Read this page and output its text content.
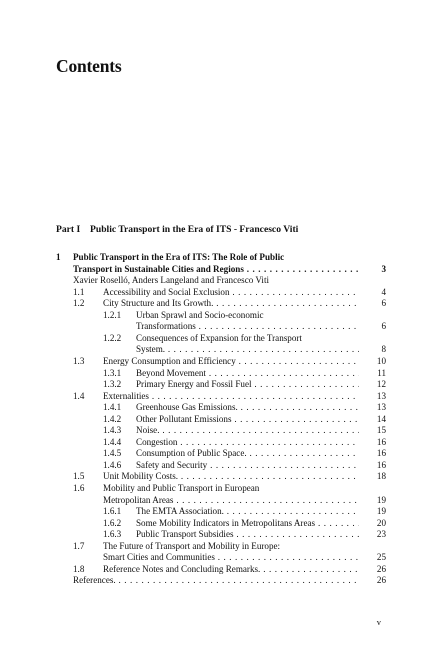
Contents
Part I	Public Transport in the Era of ITS - Francesco Viti
1 Public Transport in the Era of ITS: The Role of Public
Transport in Sustainable Cities and Regions . . .	3
Xavier Roselló, Anders Langeland and Francesco Viti
1.1 Accessibility and Social Exclusion . . .	4
1.2 City Structure and Its Growth. . . .	6
1.2.1 Urban Sprawl and Socio-economic
Transformations . . .	6
1.2.2 Consequences of Expansion for the Transport
System. . . .	8
1.3 Energy Consumption and Efficiency . . .	10
1.3.1 Beyond Movement . . .	11
1.3.2 Primary Energy and Fossil Fuel . . .	12
1.4 Externalities . . .	13
1.4.1 Greenhouse Gas Emissions. . . .	13
1.4.2 Other Pollutant Emissions . . .	14
1.4.3 Noise. . . .	15
1.4.4 Congestion . . .	16
1.4.5 Consumption of Public Space. . . .	16
1.4.6 Safety and Security . . .	16
1.5 Unit Mobility Costs. . . .	18
1.6 Mobility and Public Transport in European
Metropolitan Areas . . .	19
1.6.1 The EMTA Association. . . .	19
1.6.2 Some Mobility Indicators in Metropolitans Areas . . .	20
1.6.3 Public Transport Subsidies . . .	23
1.7 The Future of Transport and Mobility in Europe:
Smart Cities and Communities . . .	25
1.8 Reference Notes and Concluding Remarks. . . .	26
References. . . .	26
v
